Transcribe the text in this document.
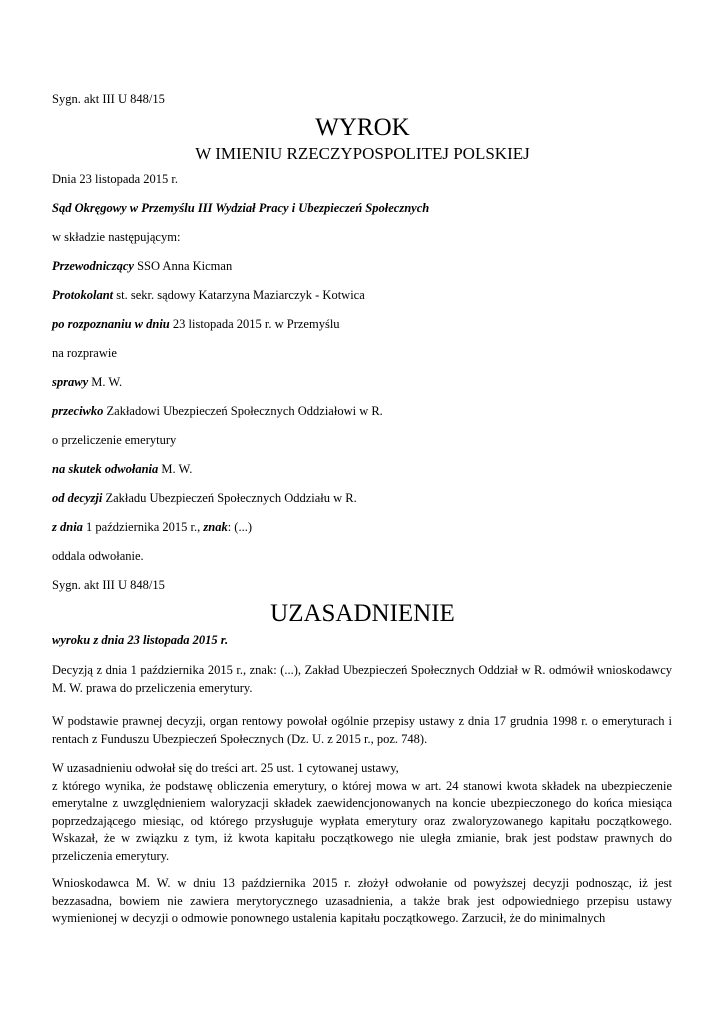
Sygn. akt III U 848/15
WYROK
W IMIENIU RZECZYPOSPOLITEJ POLSKIEJ
Dnia 23 listopada 2015 r.
Sąd Okręgowy w Przemyślu III Wydział Pracy i Ubezpieczeń Społecznych
w składzie następującym:
Przewodniczący SSO Anna Kicman
Protokolant st. sekr. sądowy Katarzyna Maziarczyk - Kotwica
po rozpoznaniu w dniu 23 listopada 2015 r. w Przemyślu
na rozprawie
sprawy M. W.
przeciwko Zakładowi Ubezpieczeń Społecznych Oddziałowi w R.
o przeliczenie emerytury
na skutek odwołania M. W.
od decyzji Zakładu Ubezpieczeń Społecznych Oddziału w R.
z dnia 1 października 2015 r., znak: (...)
oddala odwołanie.
Sygn. akt III U 848/15
UZASADNIENIE
wyroku z dnia 23 listopada 2015 r.
Decyzją z dnia 1 października 2015 r., znak: (...), Zakład Ubezpieczeń Społecznych Oddział w R. odmówił wnioskodawcy M. W. prawa do przeliczenia emerytury.
W podstawie prawnej decyzji, organ rentowy powołał ogólnie przepisy ustawy z dnia 17 grudnia 1998 r. o emeryturach i rentach z Funduszu Ubezpieczeń Społecznych (Dz. U. z 2015 r., poz. 748).
W uzasadnieniu odwołał się do treści art. 25 ust. 1 cytowanej ustawy,
z którego wynika, że podstawę obliczenia emerytury, o której mowa w art. 24 stanowi kwota składek na ubezpieczenie emerytalne z uwzględnieniem waloryzacji składek zaewidencjonowanych na koncie ubezpieczonego do końca miesiąca poprzedzającego miesiąc, od którego przysługuje wypłata emerytury oraz zwaloryzowanego kapitału początkowego. Wskazał, że w związku z tym, iż kwota kapitału początkowego nie uległa zmianie, brak jest podstaw prawnych do przeliczenia emerytury.
Wnioskodawca M. W. w dniu 13 października 2015 r. złożył odwołanie od powyższej decyzji podnosząc, iż jest bezzasadna, bowiem nie zawiera merytorycznego uzasadnienia, a także brak jest odpowiedniego przepisu ustawy wymienionej w decyzji o odmowie ponownego ustalenia kapitału początkowego. Zarzucił, że do minimalnych
